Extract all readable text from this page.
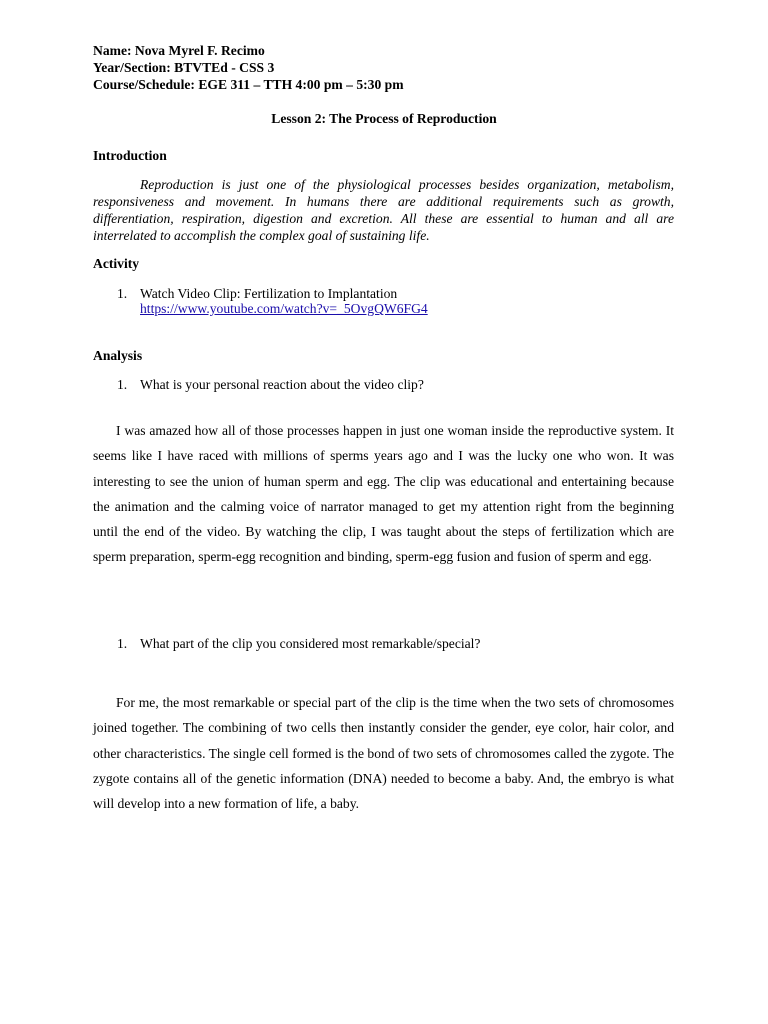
Name: Nova Myrel F. Recimo
Year/Section: BTVTEd - CSS 3
Course/Schedule: EGE 311 – TTH 4:00 pm – 5:30 pm
Lesson 2: The Process of Reproduction
Introduction
Reproduction is just one of the physiological processes besides organization, metabolism, responsiveness and movement. In humans there are additional requirements such as growth, differentiation, respiration, digestion and excretion. All these are essential to human and all are interrelated to accomplish the complex goal of sustaining life.
Activity
1. Watch Video Clip: Fertilization to Implantation
https://www.youtube.com/watch?v=_5OvgQW6FG4
Analysis
1. What is your personal reaction about the video clip?
I was amazed how all of those processes happen in just one woman inside the reproductive system. It seems like I have raced with millions of sperms years ago and I was the lucky one who won. It was interesting to see the union of human sperm and egg. The clip was educational and entertaining because the animation and the calming voice of narrator managed to get my attention right from the beginning until the end of the video. By watching the clip, I was taught about the steps of fertilization which are sperm preparation, sperm-egg recognition and binding, sperm-egg fusion and fusion of sperm and egg.
1. What part of the clip you considered most remarkable/special?
For me, the most remarkable or special part of the clip is the time when the two sets of chromosomes joined together. The combining of two cells then instantly consider the gender, eye color, hair color, and other characteristics. The single cell formed is the bond of two sets of chromosomes called the zygote. The zygote contains all of the genetic information (DNA) needed to become a baby. And, the embryo is what will develop into a new formation of life, a baby.
